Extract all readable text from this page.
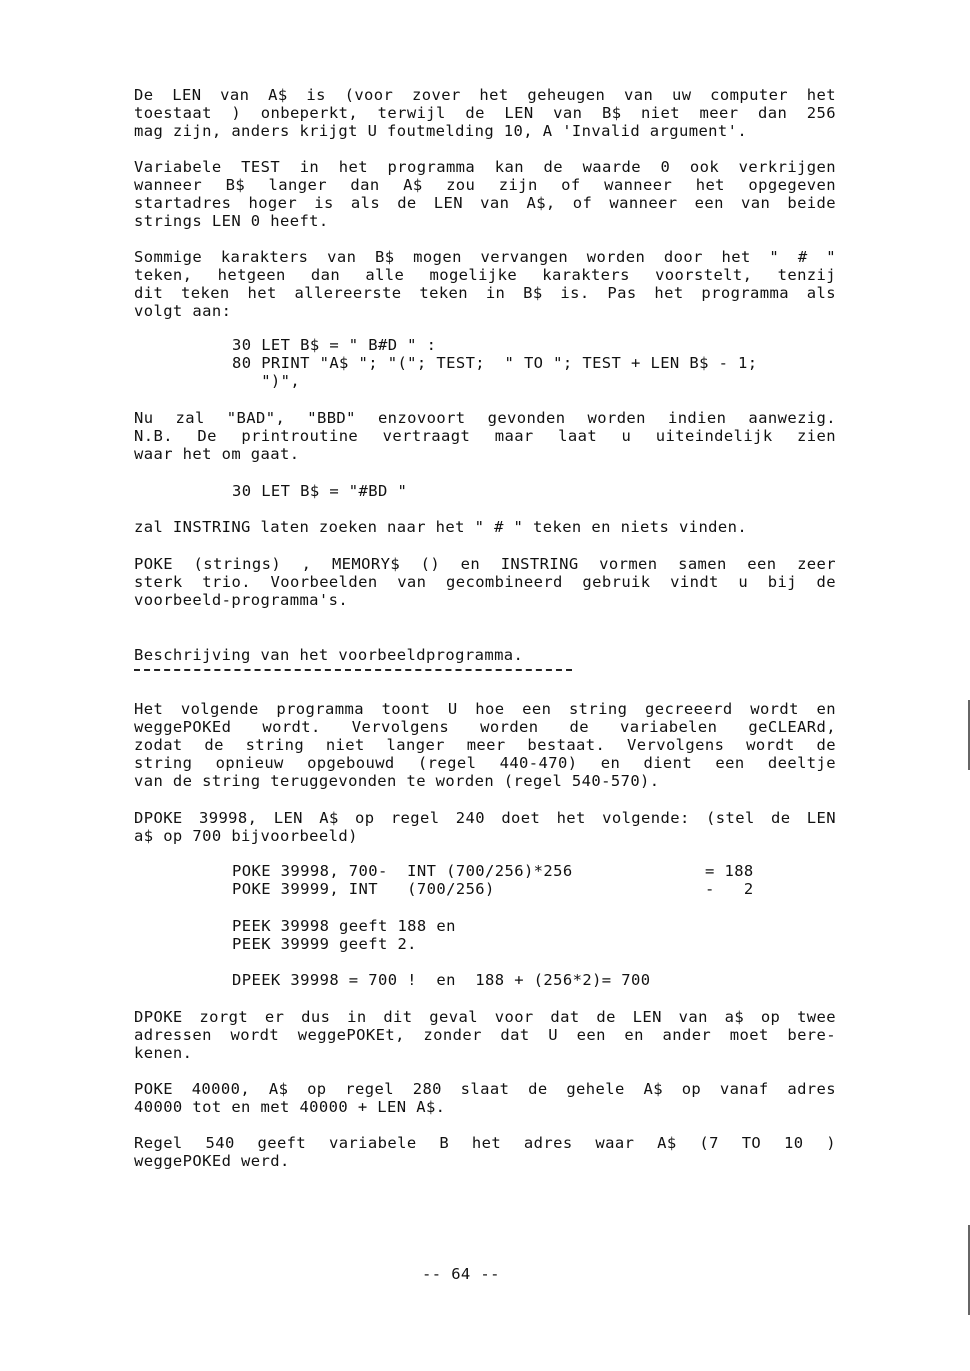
De LEN van A$ is (voor zover het geheugen van uw computer het
toestaat ) onbeperkt, terwijl de LEN van B$ niet meer dan 256
mag zijn, anders krijgt U foutmelding 10, A 'Invalid argument'.
Variabele TEST in het programma kan de waarde 0 ook verkrijgen
wanneer B$ langer dan A$ zou zijn of wanneer het opgegeven
startadres hoger is als de LEN van A$, of wanneer een van beide
strings LEN 0 heeft.
Sommige karakters van B$ mogen vervangen worden door het " # "
teken, hetgeen dan alle mogelijke karakters voorstelt, tenzij
dit teken het allereerste teken in B$ is. Pas het programma als
volgt aan:
30 LET B$ = " B#D " :
80 PRINT "A$ "; "("; TEST;  " TO "; TEST + LEN B$ - 1;
")",
Nu zal "BAD", "BBD" enzovoort gevonden worden indien aanwezig.
N.B. De printroutine vertraagt maar laat u uiteindelijk zien
waar het om gaat.
30 LET B$ = "#BD "
zal INSTRING laten zoeken naar het " # " teken en niets vinden.
POKE (strings) , MEMORY$ () en INSTRING vormen samen een zeer
sterk trio. Voorbeelden van gecombineerd gebruik vindt u bij de
voorbeeld-programma's.
Beschrijving van het voorbeeldprogramma.
Het volgende programma toont U hoe een string gecreeerd wordt en
weggePOKEd wordt. Vervolgens worden de variabelen geCLEARd,
zodat de string niet langer meer bestaat. Vervolgens wordt de
string opnieuw opgebouwd (regel 440-470) en dient een deeltje
van de string teruggevonden te worden (regel 540-570).
DPOKE 39998, LEN A$ op regel 240 doet het volgende: (stel de LEN
a$ op 700 bijvoorbeeld)
POKE 39998, 700-  INT (700/256)*256	= 188
POKE 39999, INT   (700/256)	-   2
PEEK 39998 geeft 188 en
PEEK 39999 geeft 2.
DPEEK 39998 = 700 !  en  188 + (256*2)= 700
DPOKE zorgt er dus in dit geval voor dat de LEN van a$ op twee
adressen wordt weggePOKEt, zonder dat U een en ander moet bere-
kenen.
POKE 40000, A$ op regel 280 slaat de gehele A$ op vanaf adres
40000 tot en met 40000 + LEN A$.
Regel 540 geeft variabele B het adres waar A$ (7 TO 10 )
weggePOKEd werd.
-- 64 --
